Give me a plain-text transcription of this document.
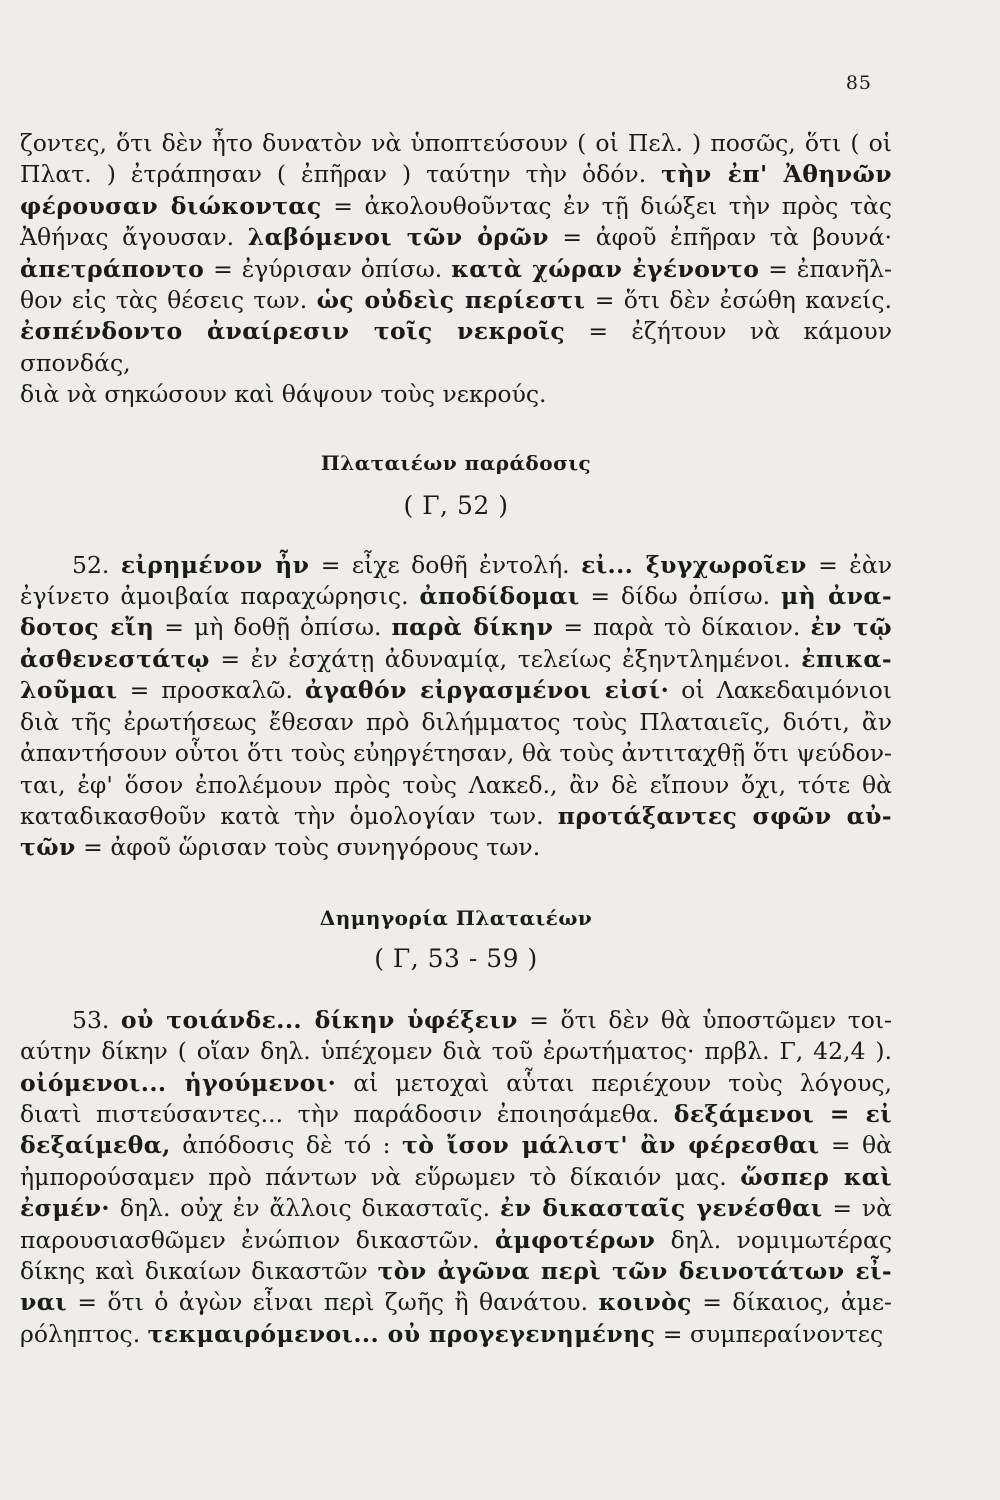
85

ζοντες, ὅτι δὲν ἦτο δυνατὸν νὰ ὑποπτεύσουν ( οἱ Πελ. ) ποσῶς, ὅτι ( οἱ

Πλατ. ) ἐτράπησαν ( ἐπῆραν ) ταύτην τὴν ὁδόν. τὴν ἐπ' Ἀθηνῶν

φέρουσαν διώκοντας = ἀκολουθοῦντας ἐν τῇ διώξει τὴν πρὸς τὰς

Ἀθήνας ἄγουσαν. λαβόμενοι τῶν ὀρῶν = ἀφοῦ ἐπῆραν τὰ βουνά·

ἀπετράποντο = ἐγύρισαν ὀπίσω. κατὰ χώραν ἐγένοντο = ἐπανῆλ-

θον εἰς τὰς θέσεις των. ὡς οὐδεὶς περίεστι = ὅτι δὲν ἐσώθη κανείς.

ἐσπένδοντο ἀναίρεσιν τοῖς νεκροῖς = ἐζήτουν νὰ κάμουν σπονδάς,

διὰ νὰ σηκώσουν καὶ θάψουν τοὺς νεκρούς.

Πλαταιέων παράδοσις

( Γ, 52 )

52. εἰρημένον ἦν = εἶχε δοθῆ ἐντολή. εἰ... ξυγχωροῖεν = ἐὰν

ἐγίνετο ἀμοιβαία παραχώρησις. ἀποδίδομαι = δίδω ὀπίσω. μὴ ἀνα-

δοτος εἴη = μὴ δοθῇ ὀπίσω. παρὰ δίκην = παρὰ τὸ δίκαιον. ἐν τῷ

ἀσθενεστάτῳ = ἐν ἐσχάτῃ ἀδυναμίᾳ, τελείως ἐξηντλημένοι. ἐπικα-

λοῦμαι = προσκαλῶ. ἀγαθόν εἰργασμένοι εἰσί· οἱ Λακεδαιμόνιοι

διὰ τῆς ἐρωτήσεως ἔθεσαν πρὸ διλήμματος τοὺς Πλαταιεῖς, διότι, ἂν

ἀπαντήσουν οὗτοι ὅτι τοὺς εὐηργέτησαν, θὰ τοὺς ἀντιταχθῇ ὅτι ψεύδον-

ται, ἐφ' ὅσον ἐπολέμουν πρὸς τοὺς Λακεδ., ἂν δὲ εἴπουν ὄχι, τότε θὰ

καταδικασθοῦν κατὰ τὴν ὁμολογίαν των. προτάξαντες σφῶν αὐ-

τῶν = ἀφοῦ ὥρισαν τοὺς συνηγόρους των.

Δημηγορία Πλαταιέων

( Γ, 53 - 59 )

53. οὐ τοιάνδε... δίκην ὑφέξειν = ὅτι δὲν θὰ ὑποστῶμεν τοι-

αύτην δίκην ( οἵαν δηλ. ὑπέχομεν διὰ τοῦ ἐρωτήματος· πρβλ. Γ, 42,4 ).

οἰόμενοι... ἡγούμενοι· αἱ μετοχαὶ αὗται περιέχουν τοὺς λόγους,

διατὶ πιστεύσαντες... τὴν παράδοσιν ἐποιησάμεθα. δεξάμενοι = εἰ

δεξαίμεθα, ἀπόδοσις δὲ τό : τὸ ἴσον μάλιστ' ἂν φέρεσθαι = θὰ

ἠμπορούσαμεν πρὸ πάντων νὰ εὕρωμεν τὸ δίκαιόν μας. ὥσπερ καὶ

ἐσμέν· δηλ. οὐχ ἐν ἄλλοις δικασταῖς. ἐν δικασταῖς γενέσθαι = νὰ

παρουσιασθῶμεν ἐνώπιον δικαστῶν. ἀμφοτέρων δηλ. νομιμωτέρας

δίκης καὶ δικαίων δικαστῶν τὸν ἀγῶνα περὶ τῶν δεινοτάτων εἶ-

ναι = ὅτι ὁ ἀγὼν εἶναι περὶ ζωῆς ἢ θανάτου. κοινὸς = δίκαιος, ἀμε-

ρόληπτος. τεκμαιρόμενοι... οὐ προγεγενημένης = συμπεραίνοντες
